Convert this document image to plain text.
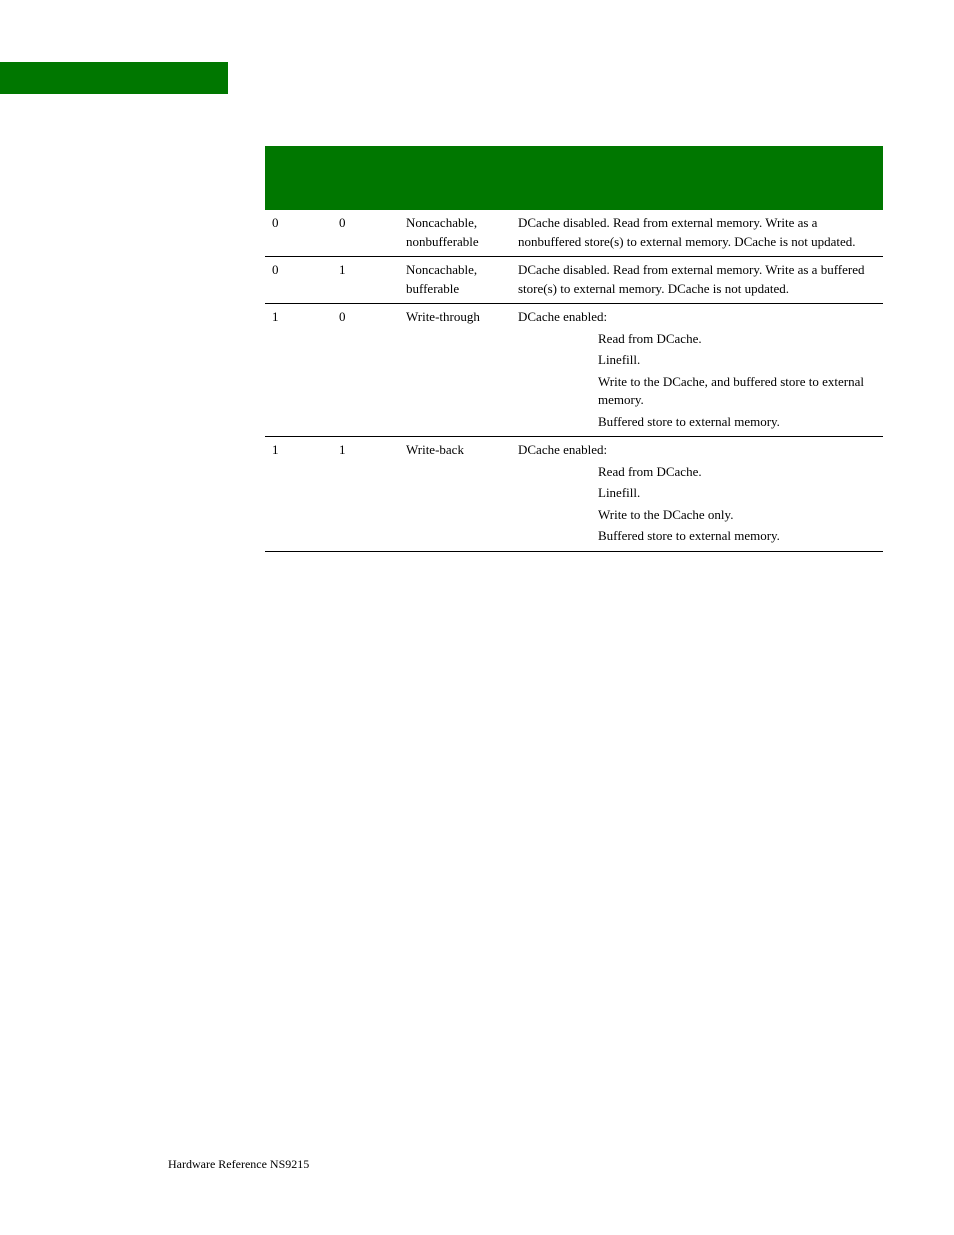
0	0	Noncachable, nonbufferable	DCache disabled. Read from external memory. Write as a nonbuffered store(s) to external memory. DCache is not updated.

0	1	Noncachable, bufferable	DCache disabled. Read from external memory. Write as a buffered store(s) to external memory. DCache is not updated.

1	0	Write-through	DCache enabled:
Read from DCache.
Linefill.
Write to the DCache, and buffered store to external memory.
Buffered store to external memory.

1	1	Write-back	DCache enabled:
Read from DCache.
Linefill.
Write to the DCache only.
Buffered store to external memory.
Hardware Reference NS9215
